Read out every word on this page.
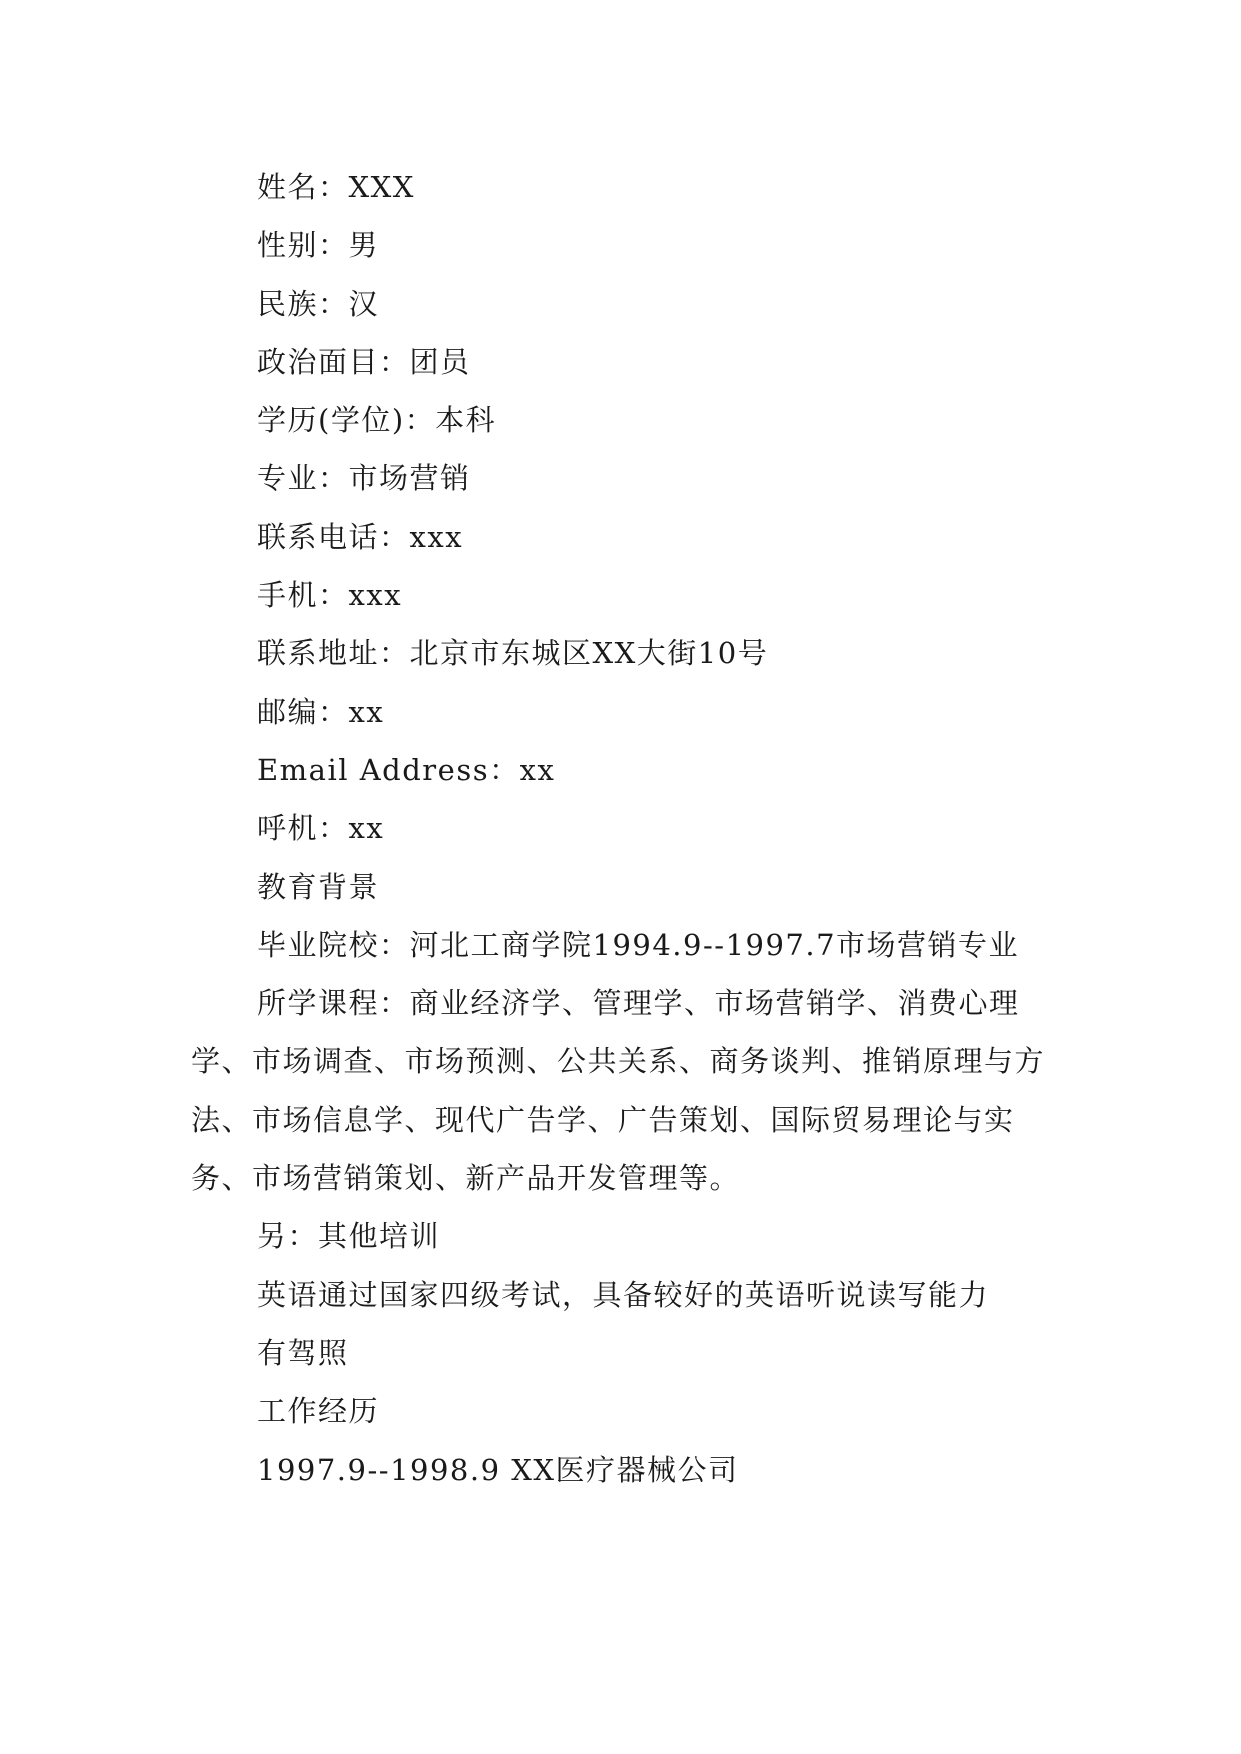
姓名：XXX

性别：男

民族：汉

政治面目：团员

学历(学位)：本科

专业：市场营销

联系电话：xxx

手机：xxx

联系地址：北京市东城区XX大街10号

邮编：xx

Email Address：xx

呼机：xx

教育背景

毕业院校：河北工商学院1994.9--1997.7市场营销专业

所学课程：商业经济学、管理学、市场营销学、消费心理学、市场调查、市场预测、公共关系、商务谈判、推销原理与方法、市场信息学、现代广告学、广告策划、国际贸易理论与实务、市场营销策划、新产品开发管理等。

另：其他培训

英语通过国家四级考试，具备较好的英语听说读写能力

有驾照

工作经历

1997.9--1998.9 XX医疗器械公司
